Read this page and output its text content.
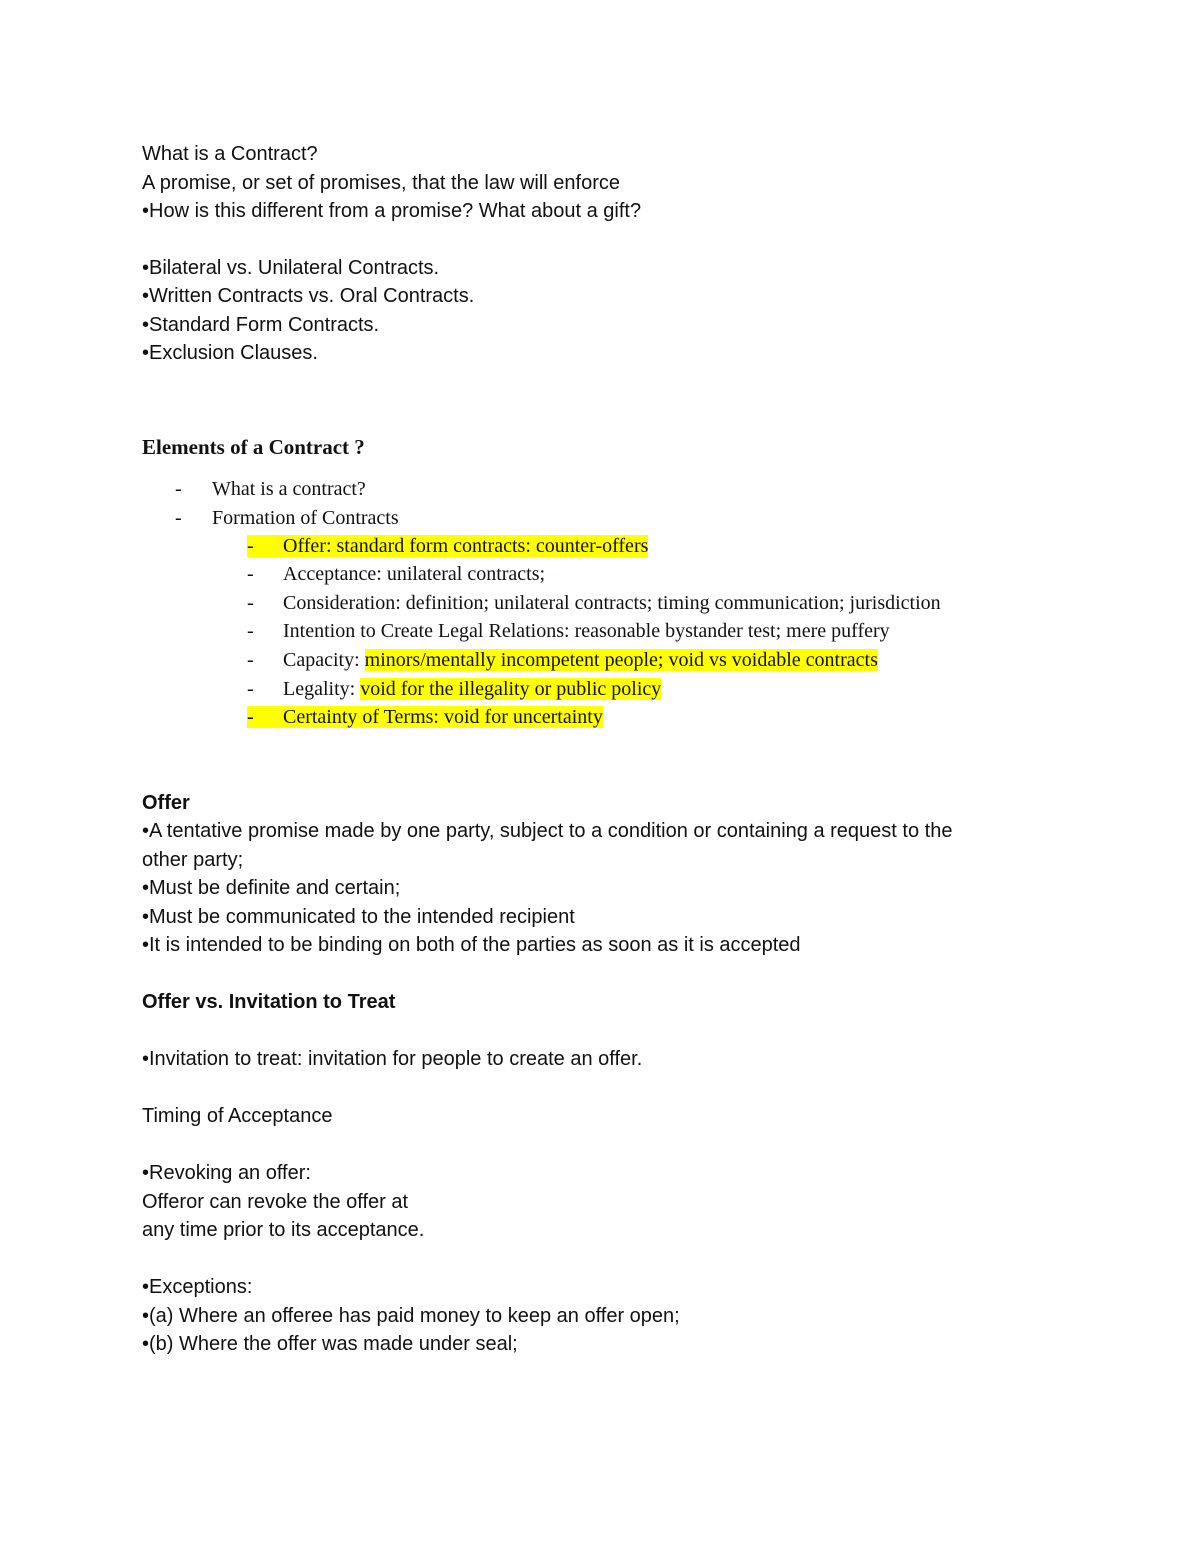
What is a Contract?
A promise, or set of promises, that the law will enforce
•How is this different from a promise? What about a gift?
•Bilateral vs. Unilateral Contracts.
•Written Contracts vs. Oral Contracts.
•Standard Form Contracts.
•Exclusion Clauses.
Elements of a Contract ?
- What is a contract?
- Formation of Contracts
- Offer: standard form contracts: counter-offers
- Acceptance: unilateral contracts;
- Consideration: definition; unilateral contracts; timing communication; jurisdiction
- Intention to Create Legal Relations: reasonable bystander test; mere puffery
- Capacity: minors/mentally incompetent people; void vs voidable contracts
- Legality: void for the illegality or public policy
- Certainty of Terms: void for uncertainty
Offer
•A tentative promise made by one party, subject to a condition or containing a request to the
other party;
•Must be definite and certain;
•Must be communicated to the intended recipient
•It is intended to be binding on both of the parties as soon as it is accepted
Offer vs. Invitation to Treat
•Invitation to treat: invitation for people to create an offer.
Timing of Acceptance
•Revoking an offer:
Offeror can revoke the offer at
any time prior to its acceptance.
•Exceptions:
•(a) Where an offeree has paid money to keep an offer open;
•(b) Where the offer was made under seal;
